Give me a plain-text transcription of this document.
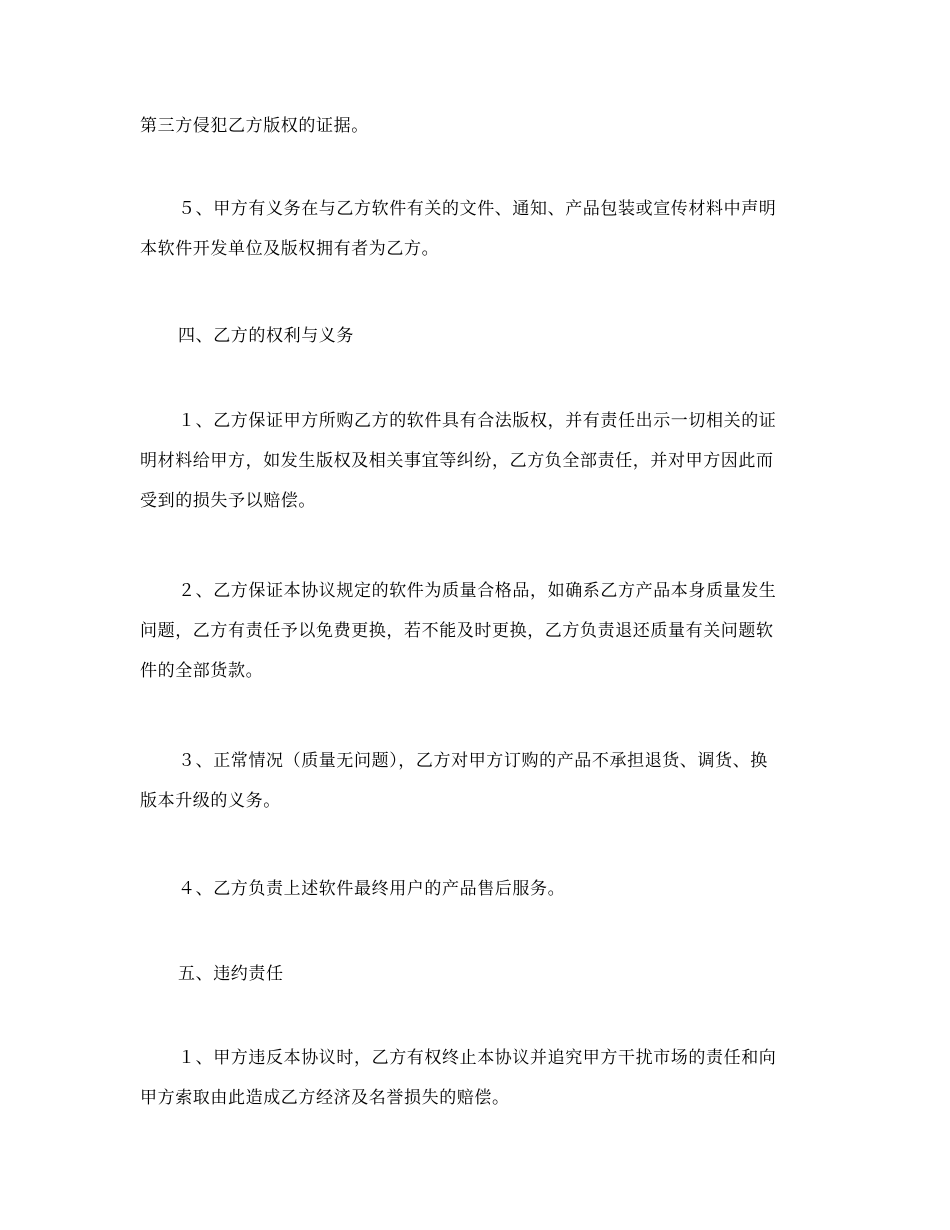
第三方侵犯乙方版权的证据。

５、甲方有义务在与乙方软件有关的文件、通知、产品包装或宣传材料中声明
本软件开发单位及版权拥有者为乙方。

四、乙方的权利与义务

１、乙方保证甲方所购乙方的软件具有合法版权，并有责任出示一切相关的证
明材料给甲方，如发生版权及相关事宜等纠纷，乙方负全部责任，并对甲方因此而
受到的损失予以赔偿。

２、乙方保证本协议规定的软件为质量合格品，如确系乙方产品本身质量发生
问题，乙方有责任予以免费更换，若不能及时更换，乙方负责退还质量有关问题软
件的全部货款。

３、正常情况（质量无问题），乙方对甲方订购的产品不承担退货、调货、换
版本升级的义务。

４、乙方负责上述软件最终用户的产品售后服务。

五、违约责任

１、甲方违反本协议时，乙方有权终止本协议并追究甲方干扰市场的责任和向
甲方索取由此造成乙方经济及名誉损失的赔偿。
